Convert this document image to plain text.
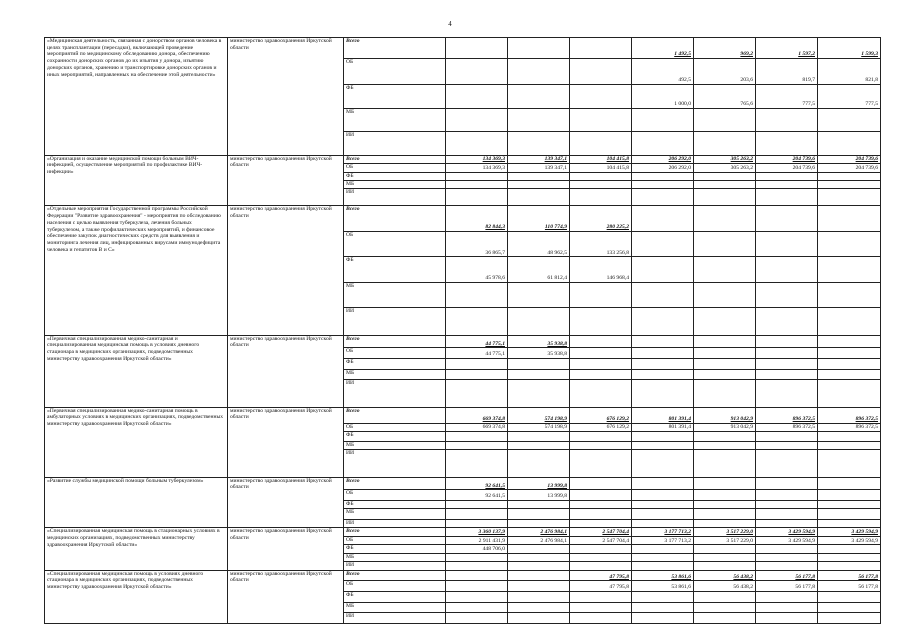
4
«Медицинская деятельность, связанная с донорством органов человека в целях трансплантации (пересадки), включающей проведение мероприятий по медицинскому обследованию донора, обеспечению сохранности донорских органов до их изъятия у донора, изъятию донорских органов, хранению и транспортировке донорских органов и иных мероприятий, направленных на обеспечение этой деятельности»	министерство здравоохранения Иркутской области	Всего				1 492,5	969,2	1 597,2	1 599,3
		ОБ				492,5	203,6	819,7	821,8
		ФБ				1 000,0	765,6	777,5	777,5
		МБ							
		ИИ							
«Организация и оказание медицинской помощи больным ВИЧ-инфекцией, осуществление мероприятий по профилактике ВИЧ-инфекции»	министерство здравоохранения Иркутской области	Всего	134 369,3	139 347,1	104 415,8	206 292,0	305 263,2	204 739,6	204 739,6
		ОБ	134 369,3	139 347,1	104 415,8	206 292,0	305 263,2	204 739,6	204 739,6
		ФБ							
		МБ							
		ИИ							
«Отдельные мероприятия Государственной программы Российской Федерации "Развитие здравоохранения" - мероприятия по обследованию населения с целью выявления туберкулеза, лечения больных туберкулезом, а также профилактических мероприятий, и финансовое обеспечение закупок диагностических средств для выявления и мониторинга лечения лиц, инфицированных вирусами иммунодефицита человека и гепатитов В и С»	министерство здравоохранения Иркутской области	Всего	82 844,3	110 774,9	280 225,2				
		ОБ	36 865,7	48 962,5	133 256,8				
		ФБ	45 978,6	61 812,4	146 968,4				
		МБ							
		ИИ							
«Первичная специализированная медико-санитарная и специализированная медицинская помощь в условиях дневного стационара в медицинских организациях, подведомственных министерству здравоохранения Иркутской области»	министерство здравоохранения Иркутской области	Всего	44 775,1	35 938,8					
		ОБ	44 775,1	35 938,8					
		ФБ							
		МБ							
		ИИ							
«Первичная специализированная медико-санитарная помощь в амбулаторных условиях в медицинских организациях, подведомственных министерству здравоохранения Иркутской области»	министерство здравоохранения Иркутской области	Всего	669 374,8	574 198,9	676 129,2	801 391,4	913 042,9	896 372,5	896 372,5
		ОБ	669 374,8	574 198,9	676 129,2	801 391,4	913 042,9	896 372,5	896 372,5
		ФБ							
		МБ							
		ИИ							
«Развитие службы медицинской помощи больным туберкулезом»	министерство здравоохранения Иркутской области	Всего	92 641,5	13 999,8					
		ОБ	92 641,5	13 999,8					
		ФБ							
		МБ							
		ИИ							
«Специализированная медицинская помощь в стационарных условиях в медицинских организациях, подведомственных министерству здравоохранения Иркутской области»	министерство здравоохранения Иркутской области	Всего	3 360 137,9	2 476 984,1	2 547 704,4	3 177 713,2	3 517 229,0	3 429 594,9	3 429 594,9
		ОБ	2 911 431,9	2 476 984,1	2 547 704,4	3 177 713,2	3 517 229,0	3 429 594,9	3 429 594,9
		ФБ	448 706,0						
		МБ							
		ИИ							
«Специализированная медицинская помощь в условиях дневного стационара в медицинских организациях, подведомственных министерству здравоохранения Иркутской области»	министерство здравоохранения Иркутской области	Всего			47 795,8	53 861,6	56 438,2	56 177,8	56 177,8
		ОБ			47 795,8	53 861,6	56 438,2	56 177,8	56 177,8
		ФБ							
		МБ							
		ИИ							
